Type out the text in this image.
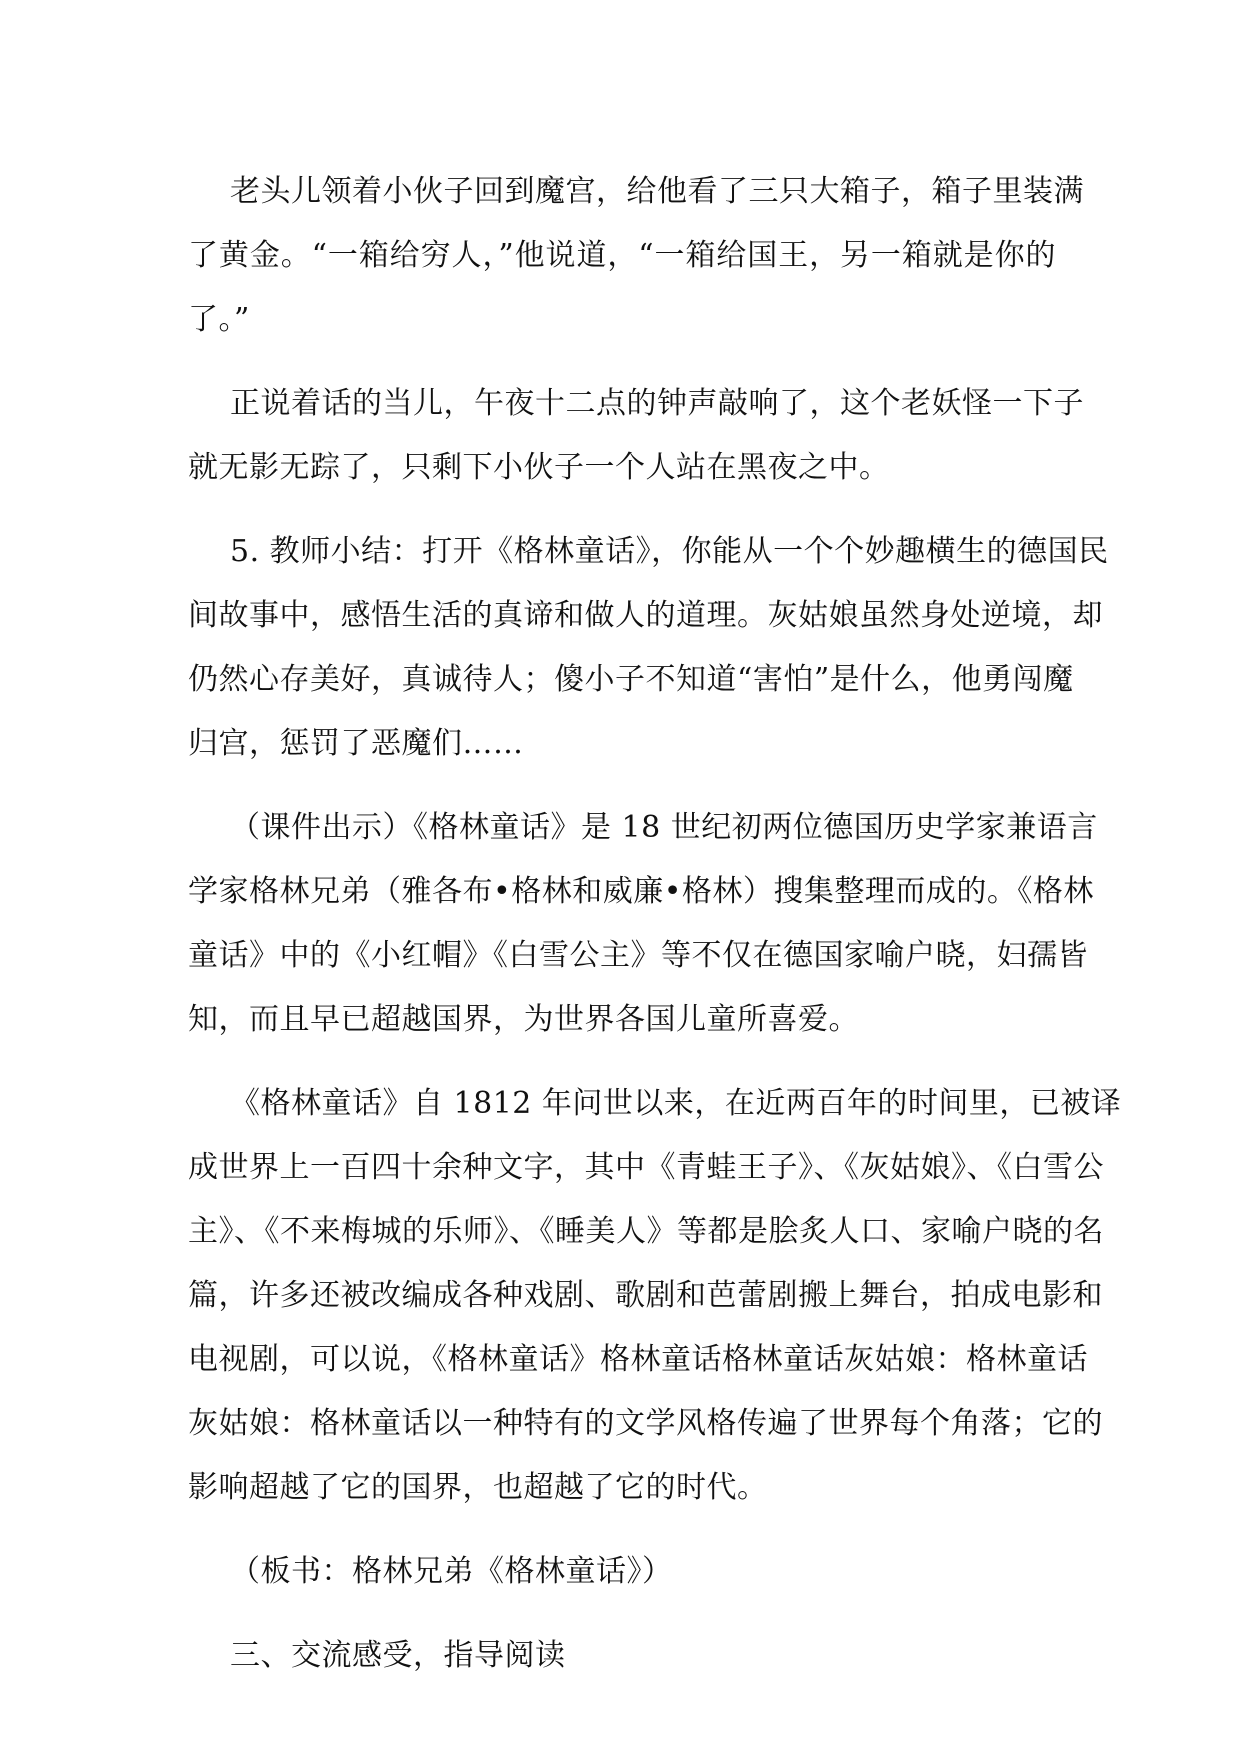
老头儿领着小伙子回到魔宫，给他看了三只大箱子，箱子里装满
了黄金。“一箱给穷人，”他说道，“一箱给国王，另一箱就是你的
了。”

正说着话的当儿，午夜十二点的钟声敲响了，这个老妖怪一下子
就无影无踪了，只剩下小伙子一个人站在黑夜之中。

5. 教师小结：打开《格林童话》，你能从一个个妙趣横生的德国民
间故事中，感悟生活的真谛和做人的道理。灰姑娘虽然身处逆境，却
仍然心存美好，真诚待人；傻小子不知道“害怕”是什么，他勇闯魔
归宫，惩罚了恶魔们……

（课件出示）《格林童话》是 18 世纪初两位德国历史学家兼语言
学家格林兄弟（雅各布•格林和威廉•格林）搜集整理而成的。《格林
童话》中的《小红帽》《白雪公主》等不仅在德国家喻户晓，妇孺皆
知，而且早已超越国界，为世界各国儿童所喜爱。

《格林童话》自 1812 年问世以来，在近两百年的时间里，已被译
成世界上一百四十余种文字，其中《青蛙王子》、《灰姑娘》、《白雪公
主》、《不来梅城的乐师》、《睡美人》等都是脍炙人口、家喻户晓的名
篇，许多还被改编成各种戏剧、歌剧和芭蕾剧搬上舞台，拍成电影和
电视剧，可以说，《格林童话》格林童话格林童话灰姑娘：格林童话
灰姑娘：格林童话以一种特有的文学风格传遍了世界每个角落；它的
影响超越了它的国界，也超越了它的时代。

（板书：格林兄弟《格林童话》）

三、交流感受，指导阅读
